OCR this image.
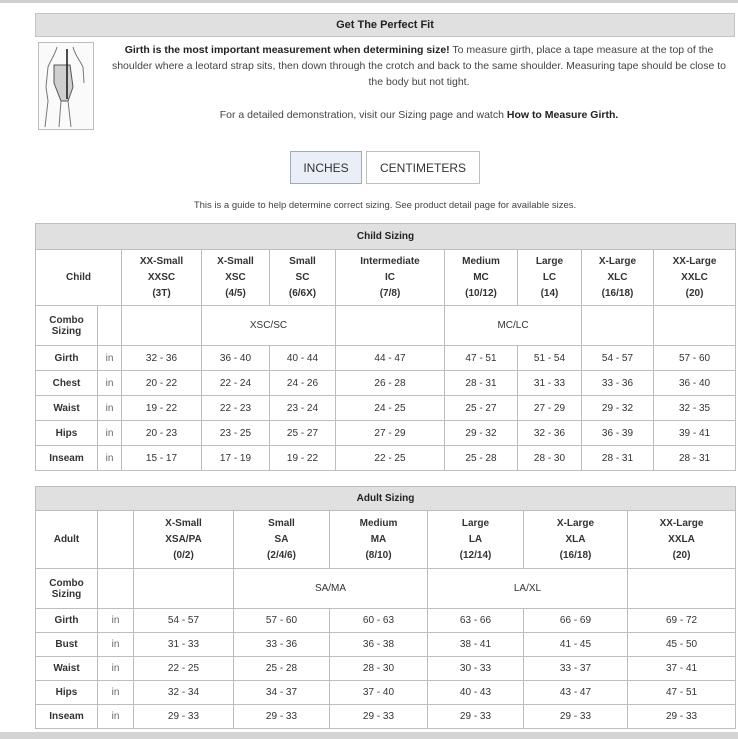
Get The Perfect Fit
Girth is the most important measurement when determining size! To measure girth, place a tape measure at the top of the shoulder where a leotard strap sits, then down through the crotch and back to the same shoulder. Measuring tape should be close to the body but not tight.
For a detailed demonstration, visit our Sizing page and watch How to Measure Girth.
INCHES	CENTIMETERS
This is a guide to help determine correct sizing. See product detail page for available sizes.
Child Sizing									
Child		XX-Small
XXSC
(3T)	X-Small
XSC
(4/5)	Small
SC
(6/6X)	Intermediate
IC
(7/8)	Medium
MC
(10/12)	Large
LC
(14)	X-Large
XLC
(16/18)	XX-Large
XXLC
(20)

Combo Sizing			XSC/SC			MC/LC			
Girth	in	32 - 36	36 - 40	40 - 44	44 - 47	47 - 51	51 - 54	54 - 57	57 - 60
Chest	in	20 - 22	22 - 24	24 - 26	26 - 28	28 - 31	31 - 33	33 - 36	36 - 40
Waist	in	19 - 22	22 - 23	23 - 24	24 - 25	25 - 27	27 - 29	29 - 32	32 - 35
Hips	in	20 - 23	23 - 25	25 - 27	27 - 29	29 - 32	32 - 36	36 - 39	39 - 41
Inseam	in	15 - 17	17 - 19	19 - 22	22 - 25	25 - 28	28 - 30	28 - 31	28 - 31
Adult Sizing							
Adult		X-Small
XSA/PA
(0/2)	Small
SA
(2/4/6)	Medium
MA
(8/10)	Large
LA
(12/14)	X-Large
XLA
(16/18)	XX-Large
XXLA
(20)

Combo Sizing			SA/MA		LA/XL		
Girth	in	54 - 57	57 - 60	60 - 63	63 - 66	66 - 69	69 - 72
Bust	in	31 - 33	33 - 36	36 - 38	38 - 41	41 - 45	45 - 50
Waist	in	22 - 25	25 - 28	28 - 30	30 - 33	33 - 37	37 - 41
Hips	in	32 - 34	34 - 37	37 - 40	40 - 43	43 - 47	47 - 51
Inseam	in	29 - 33	29 - 33	29 - 33	29 - 33	29 - 33	29 - 33
